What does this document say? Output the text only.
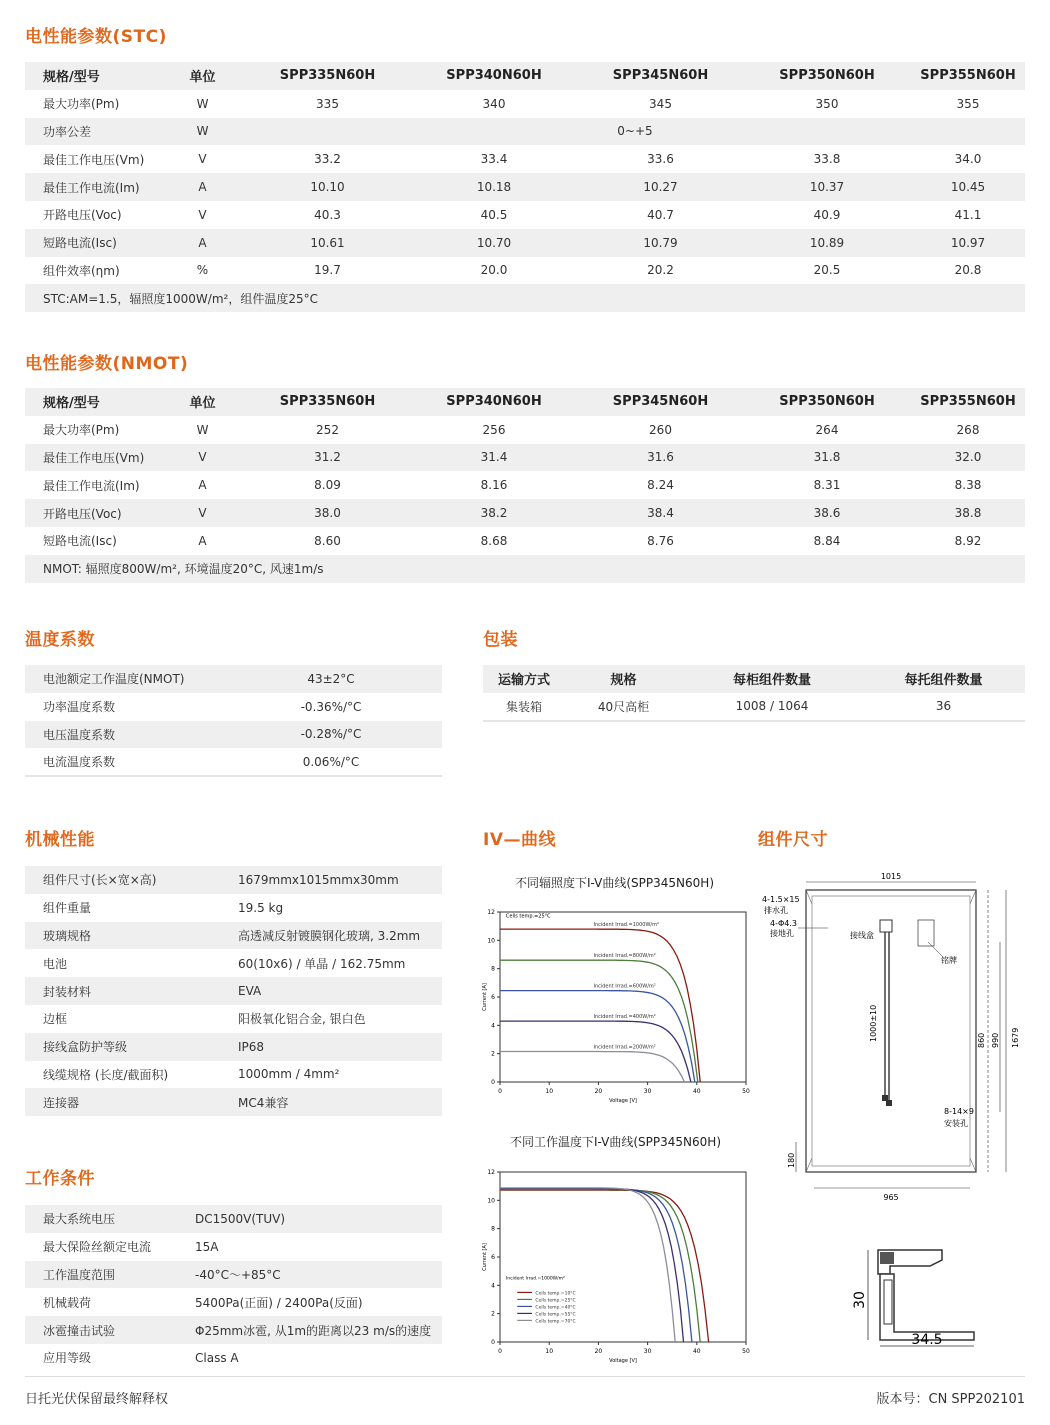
电性能参数(STC)
规格/型号	单位	SPP335N60H	SPP340N60H	SPP345N60H	SPP350N60H	SPP355N60H
最大功率(Pm)	W	335	340	345	350	355
功率公差	W	0~+5				
最佳工作电压(Vm)	V	33.2	33.4	33.6	33.8	34.0
最佳工作电流(Im)	A	10.10	10.18	10.27	10.37	10.45
开路电压(Voc)	V	40.3	40.5	40.7	40.9	41.1
短路电流(Isc)	A	10.61	10.70	10.79	10.89	10.97
组件效率(ηm)	%	19.7	20.0	20.2	20.5	20.8
STC:AM=1.5，辐照度1000W/m²，组件温度25°C						
电性能参数(NMOT)
规格/型号	单位	SPP335N60H	SPP340N60H	SPP345N60H	SPP350N60H	SPP355N60H
最大功率(Pm)	W	252	256	260	264	268
最佳工作电压(Vm)	V	31.2	31.4	31.6	31.8	32.0
最佳工作电流(Im)	A	8.09	8.16	8.24	8.31	8.38
开路电压(Voc)	V	38.0	38.2	38.4	38.6	38.8
短路电流(Isc)	A	8.60	8.68	8.76	8.84	8.92
NMOT: 辐照度800W/m², 环境温度20°C, 风速1m/s						
温度系数
电池额定工作温度(NMOT)	43±2°C
功率温度系数	-0.36%/°C
电压温度系数	-0.28%/°C
电流温度系数	0.06%/°C
包装
运输方式	规格	每柜组件数量	每托组件数量
集装箱	40尺高柜	1008 / 1064	36
机械性能
组件尺寸(长×宽×高)	1679mmx1015mmx30mm
组件重量	19.5 kg
玻璃规格	高透减反射镀膜钢化玻璃, 3.2mm
电池	60(10x6) / 单晶 / 162.75mm
封装材料	EVA
边框	阳极氧化铝合金, 银白色
接线盒防护等级	IP68
线缆规格 (长度/截面积)	1000mm / 4mm²
连接器	MC4兼容
工作条件
最大系统电压	DC1500V(TUV)
最大保险丝额定电流	15A
工作温度范围	-40°C～+85°C
机械载荷	5400Pa(正面) / 2400Pa(反面)
冰雹撞击试验	Φ25mm冰雹, 从1m的距离以23 m/s的速度
应用等级	Class A
IV—曲线
不同辐照度下I-V曲线(SPP345N60H)
0	10	20	30	40	50
0
2
4
6
8
10
12
Voltage [V]
Current [A]
Incident Irrad.=1000W/m²
Incident Irrad.=800W/m²
Incident Irrad.=600W/m²
Incident Irrad.=400W/m²
Incident Irrad.=200W/m²
Cells temp.=25°C
不同工作温度下I-V曲线(SPP345N60H)
0	10	20	30	40	50
0
2
4
6
8
10
12
Voltage [V]
Current [A]
Cells temp.=10°C
Cells temp.=25°C
Cells temp.=40°C
Cells temp.=55°C
Cells temp.=70°C
Incident Irrad.=1000W/m²
组件尺寸
1015
4-1.5×15
排水孔
4-Φ4.3
接地孔	接线盒
1000±10
铭牌
860 990 1679
8-14×9
安装孔
180
965
30
34.5
日托光伏保留最终解释权	版本号：CN SPP202101
